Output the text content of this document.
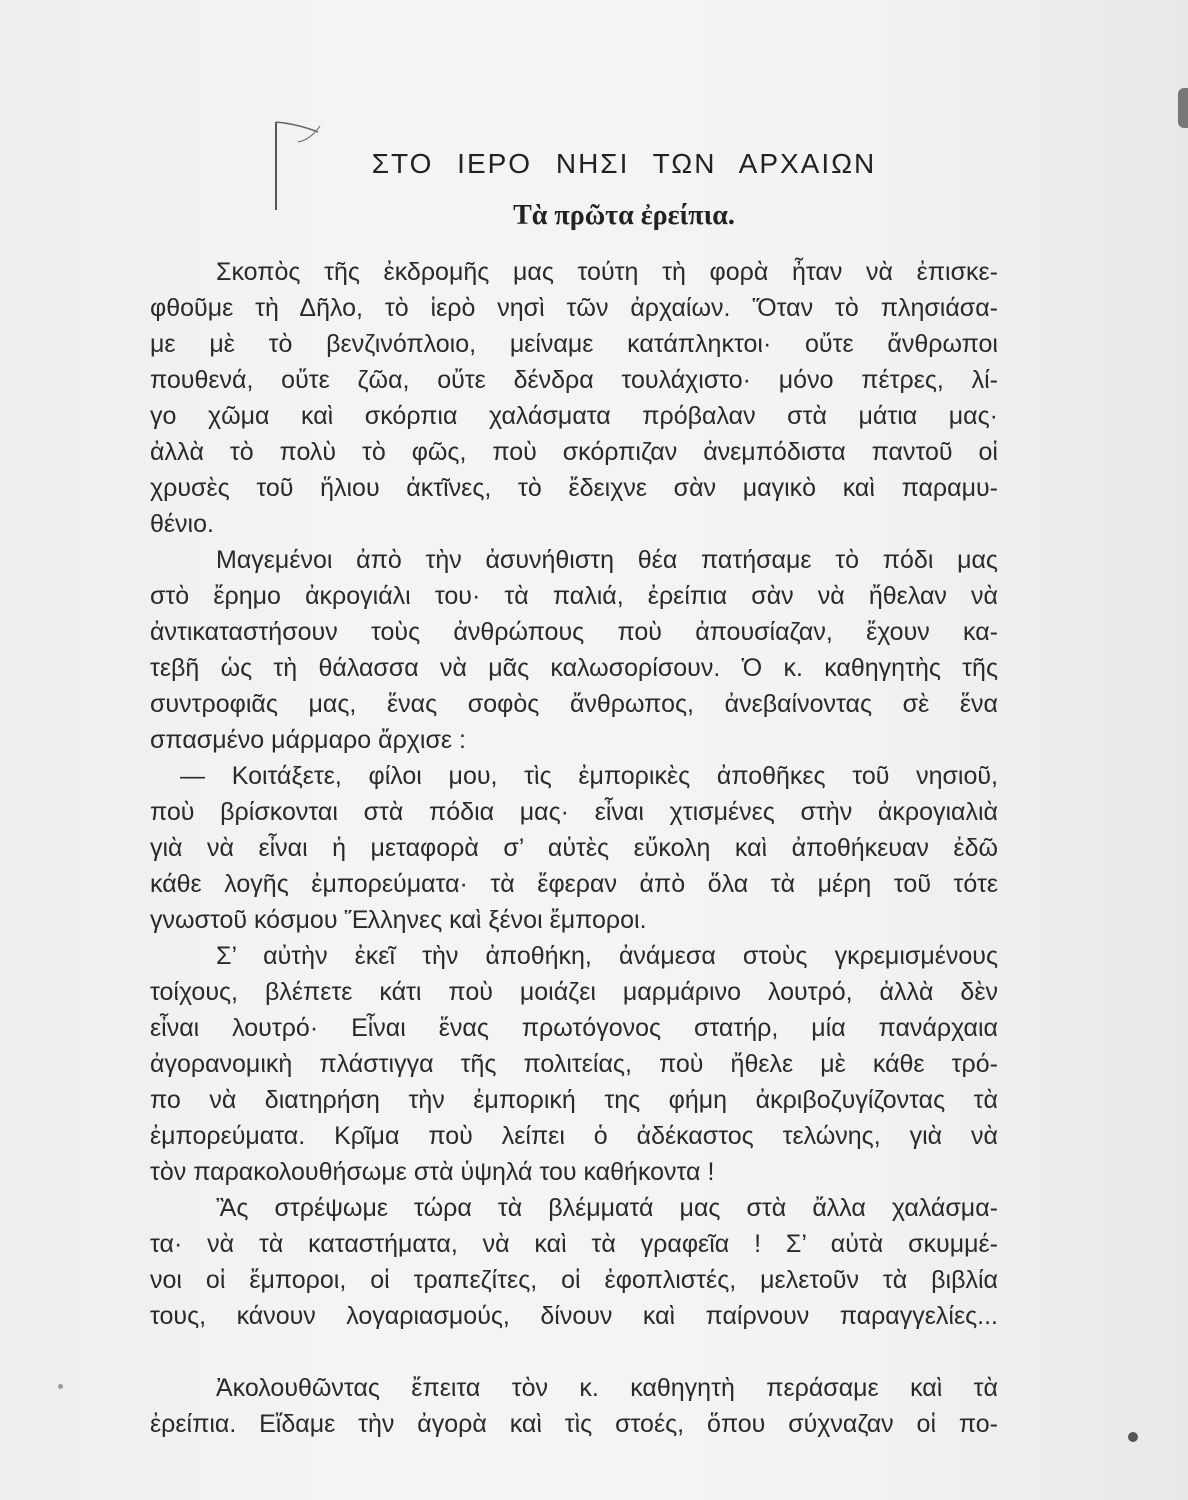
ΣΤΟ ΙΕΡΟ ΝΗΣΙ ΤΩΝ ΑΡΧΑΙΩΝ
Τὰ πρῶτα ἐρείπια.
Σκοπὸς τῆς ἐκδρομῆς μας τούτη τὴ φορὰ ἦταν νὰ ἐπισκε-
φθοῦμε τὴ Δῆλο, τὸ ἱερὸ νησὶ τῶν ἀρχαίων. Ὅταν τὸ πλησιάσα-
με μὲ τὸ βενζινόπλοιο, μείναμε κατάπληκτοι· οὔτε ἄνθρωποι
πουθενά, οὔτε ζῶα, οὔτε δένδρα τουλάχιστο· μόνο πέτρες, λί-
γο χῶμα καὶ σκόρπια χαλάσματα πρόβαλαν στὰ μάτια μας·
ἀλλὰ τὸ πολὺ τὸ φῶς, ποὺ σκόρπιζαν ἀνεμπόδιστα παντοῦ οἱ
χρυσὲς τοῦ ἥλιου ἀκτῖνες, τὸ ἔδειχνε σὰν μαγικὸ καὶ παραμυ-
θένιο.
Μαγεμένοι ἀπὸ τὴν ἀσυνήθιστη θέα πατήσαμε τὸ πόδι μας
στὸ ἔρημο ἀκρογιάλι του· τὰ παλιά, ἐρείπια σὰν νὰ ἤθελαν νὰ
ἀντικαταστήσουν τοὺς ἀνθρώπους ποὺ ἀπουσίαζαν, ἔχουν κα-
τεβῆ ὡς τὴ θάλασσα νὰ μᾶς καλωσορίσουν. Ὁ κ. καθηγητὴς τῆς
συντροφιᾶς μας, ἕνας σοφὸς ἄνθρωπος, ἀνεβαίνοντας σὲ ἕνα
σπασμένο μάρμαρο ἄρχισε :
— Κοιτάξετε, φίλοι μου, τὶς ἐμπορικὲς ἀποθῆκες τοῦ νησιοῦ,
ποὺ βρίσκονται στὰ πόδια μας· εἶναι χτισμένες στὴν ἀκρογιαλιὰ
γιὰ νὰ εἶναι ἡ μεταφορὰ σ’ αὐτὲς εὔκολη καὶ ἀποθήκευαν ἐδῶ
κάθε λογῆς ἐμπορεύματα· τὰ ἔφεραν ἀπὸ ὅλα τὰ μέρη τοῦ τότε
γνωστοῦ κόσμου Ἕλληνες καὶ ξένοι ἔμποροι.
Σ’ αὐτὴν ἐκεῖ τὴν ἀποθήκη, ἀνάμεσα στοὺς γκρεμισμένους
τοίχους, βλέπετε κάτι ποὺ μοιάζει μαρμάρινο λουτρό, ἀλλὰ δὲν
εἶναι λουτρό· Εἶναι ἕνας πρωτόγονος στατήρ, μία πανάρχαια
ἀγορανομικὴ πλάστιγγα τῆς πολιτείας, ποὺ ἤθελε μὲ κάθε τρό-
πο νὰ διατηρήση τὴν ἐμπορική της φήμη ἀκριβοζυγίζοντας τὰ
ἐμπορεύματα. Κρῖμα ποὺ λείπει ὁ ἀδέκαστος τελώνης, γιὰ νὰ
τὸν παρακολουθήσωμε στὰ ὑψηλά του καθήκοντα !
Ἂς στρέψωμε τώρα τὰ βλέμματά μας στὰ ἄλλα χαλάσμα-
τα· νὰ τὰ καταστήματα, νὰ καὶ τὰ γραφεῖα ! Σ’ αὐτὰ σκυμμέ-
νοι οἱ ἔμποροι, οἱ τραπεζίτες, οἱ ἐφοπλιστές, μελετοῦν τὰ βιβλία
τους, κάνουν λογαριασμούς, δίνουν καὶ παίρνουν παραγγελίες...
Ἀκολουθῶντας ἔπειτα τὸν κ. καθηγητὴ περάσαμε καὶ τὰ
ἐρείπια. Εἴδαμε τὴν ἀγορὰ καὶ τὶς στοές, ὅπου σύχναζαν οἱ πο-
